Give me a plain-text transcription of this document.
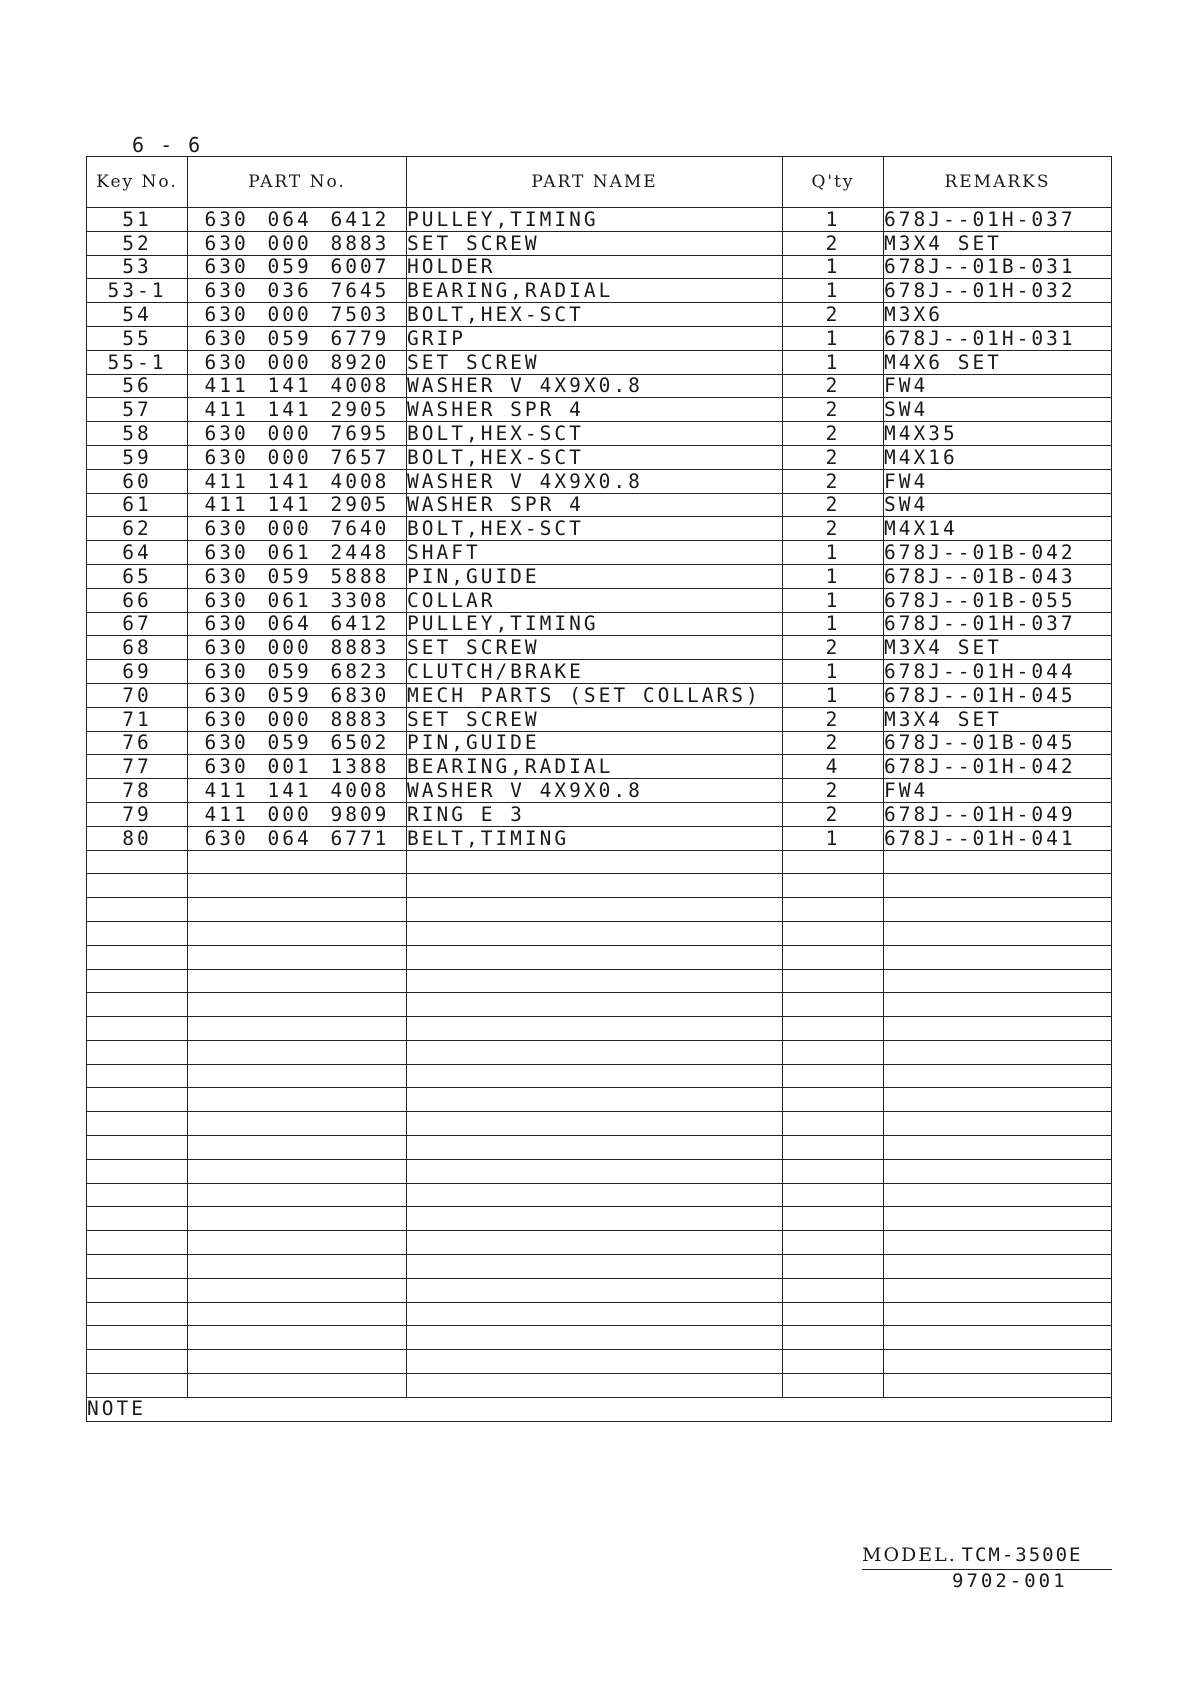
6 - 6
Key No.	PART No.	PART NAME	Q'ty	REMARKS
51	630 064 6412	PULLEY,TIMING	1	678J--01H-037
52	630 000 8883	SET SCREW	2	M3X4 SET
53	630 059 6007	HOLDER	1	678J--01B-031
53-1	630 036 7645	BEARING,RADIAL	1	678J--01H-032
54	630 000 7503	BOLT,HEX-SCT	2	M3X6
55	630 059 6779	GRIP	1	678J--01H-031
55-1	630 000 8920	SET SCREW	1	M4X6 SET
56	411 141 4008	WASHER V 4X9X0.8	2	FW4
57	411 141 2905	WASHER SPR 4	2	SW4
58	630 000 7695	BOLT,HEX-SCT	2	M4X35
59	630 000 7657	BOLT,HEX-SCT	2	M4X16
60	411 141 4008	WASHER V 4X9X0.8	2	FW4
61	411 141 2905	WASHER SPR 4	2	SW4
62	630 000 7640	BOLT,HEX-SCT	2	M4X14
64	630 061 2448	SHAFT	1	678J--01B-042
65	630 059 5888	PIN,GUIDE	1	678J--01B-043
66	630 061 3308	COLLAR	1	678J--01B-055
67	630 064 6412	PULLEY,TIMING	1	678J--01H-037
68	630 000 8883	SET SCREW	2	M3X4 SET
69	630 059 6823	CLUTCH/BRAKE	1	678J--01H-044
70	630 059 6830	MECH PARTS (SET COLLARS)	1	678J--01H-045
71	630 000 8883	SET SCREW	2	M3X4 SET
76	630 059 6502	PIN,GUIDE	2	678J--01B-045
77	630 001 1388	BEARING,RADIAL	4	678J--01H-042
78	411 141 4008	WASHER V 4X9X0.8	2	FW4
79	411 000 9809	RING E 3	2	678J--01H-049
80	630 064 6771	BELT,TIMING	1	678J--01H-041

NOTE				
MODEL. TCM-3500E
9702-001
